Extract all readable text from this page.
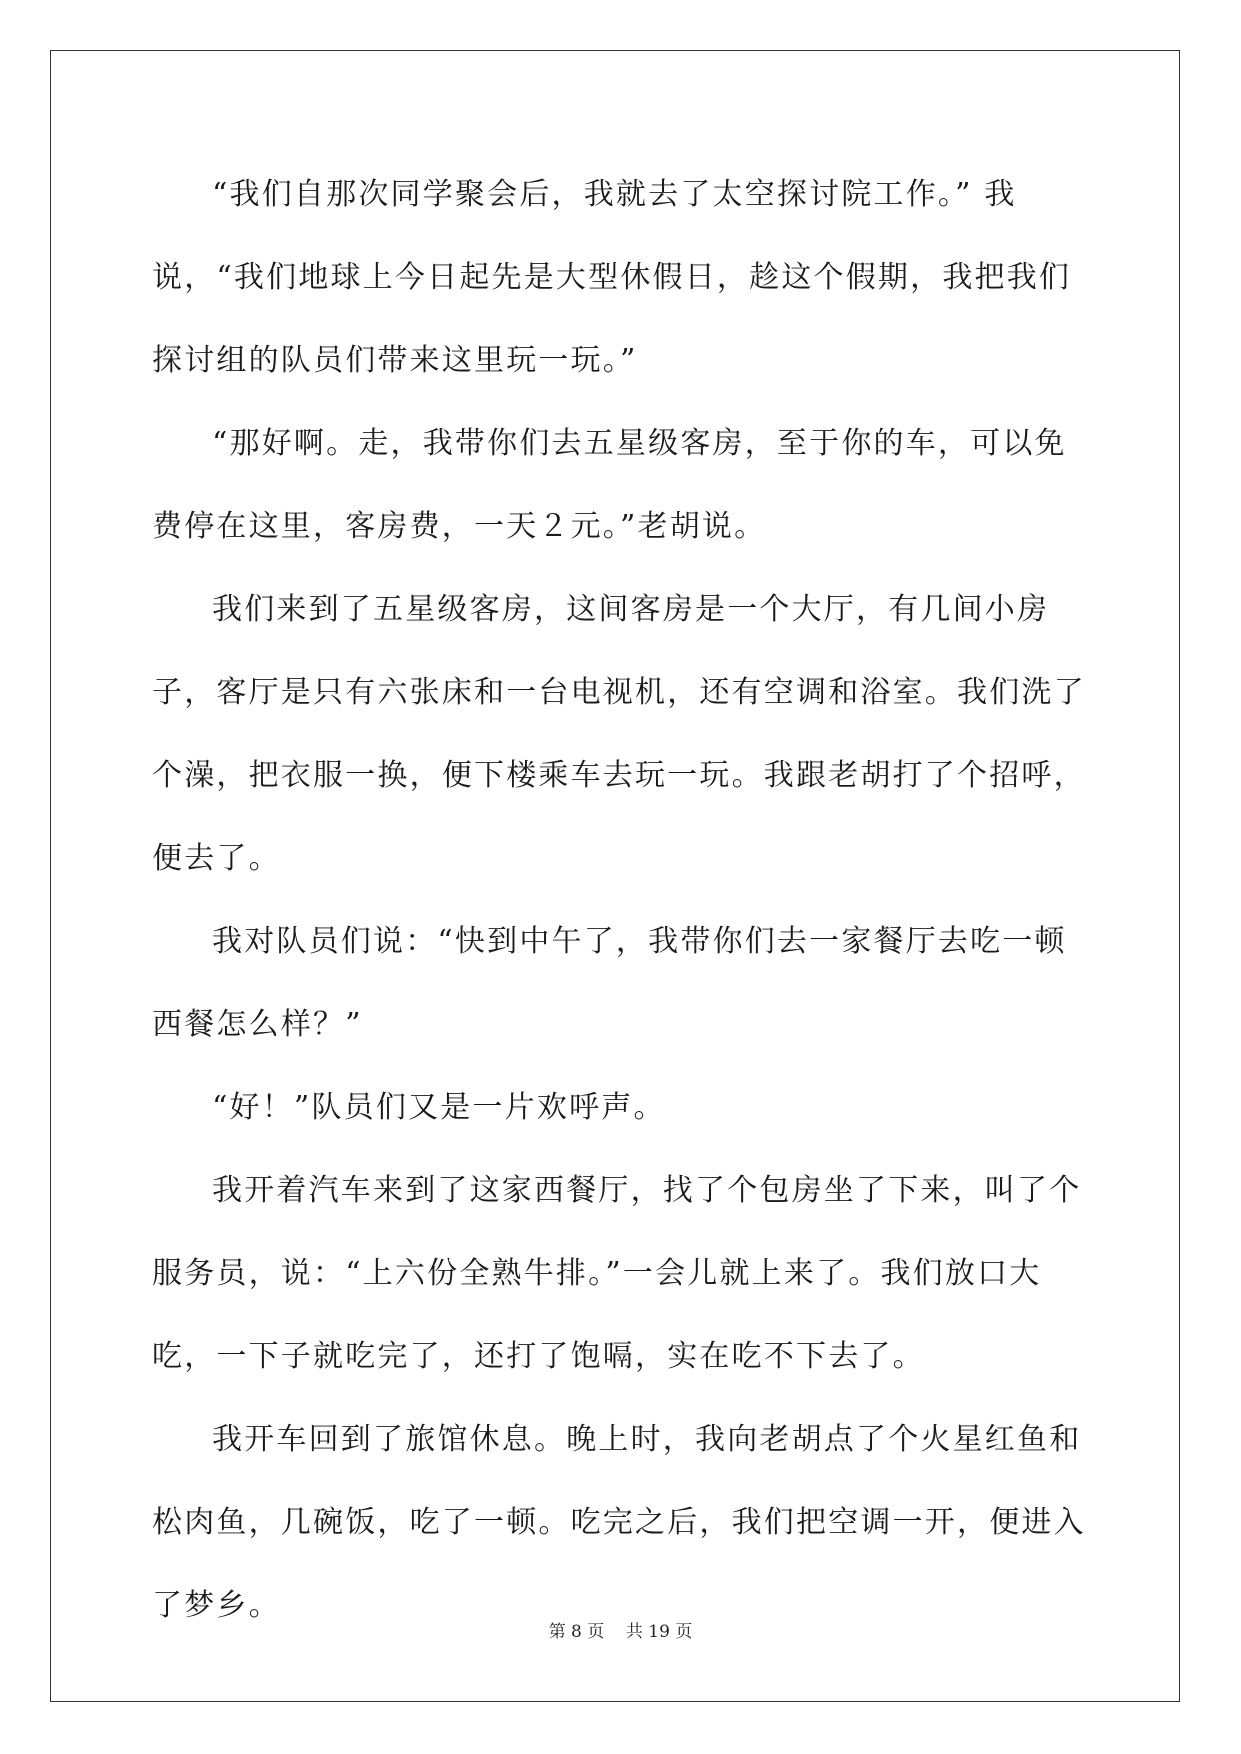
“我们自那次同学聚会后，我就去了太空探讨院工作。” 我说，“我们地球上今日起先是大型休假日，趁这个假期，我把我们探讨组的队员们带来这里玩一玩。”

“那好啊。走，我带你们去五星级客房，至于你的车，可以免费停在这里，客房费，一天２元。”老胡说。

我们来到了五星级客房，这间客房是一个大厅，有几间小房子，客厅是只有六张床和一台电视机，还有空调和浴室。我们洗了个澡，把衣服一换，便下楼乘车去玩一玩。我跟老胡打了个招呼，便去了。

我对队员们说：“快到中午了，我带你们去一家餐厅去吃一顿西餐怎么样？”

“好！”队员们又是一片欢呼声。

我开着汽车来到了这家西餐厅，找了个包房坐了下来，叫了个服务员，说：“上六份全熟牛排。”一会儿就上来了。我们放口大吃，一下子就吃完了，还打了饱嗝，实在吃不下去了。

我开车回到了旅馆休息。晚上时，我向老胡点了个火星红鱼和松肉鱼，几碗饭，吃了一顿。吃完之后，我们把空调一开，便进入了梦乡。

第 8 页 共 19 页
